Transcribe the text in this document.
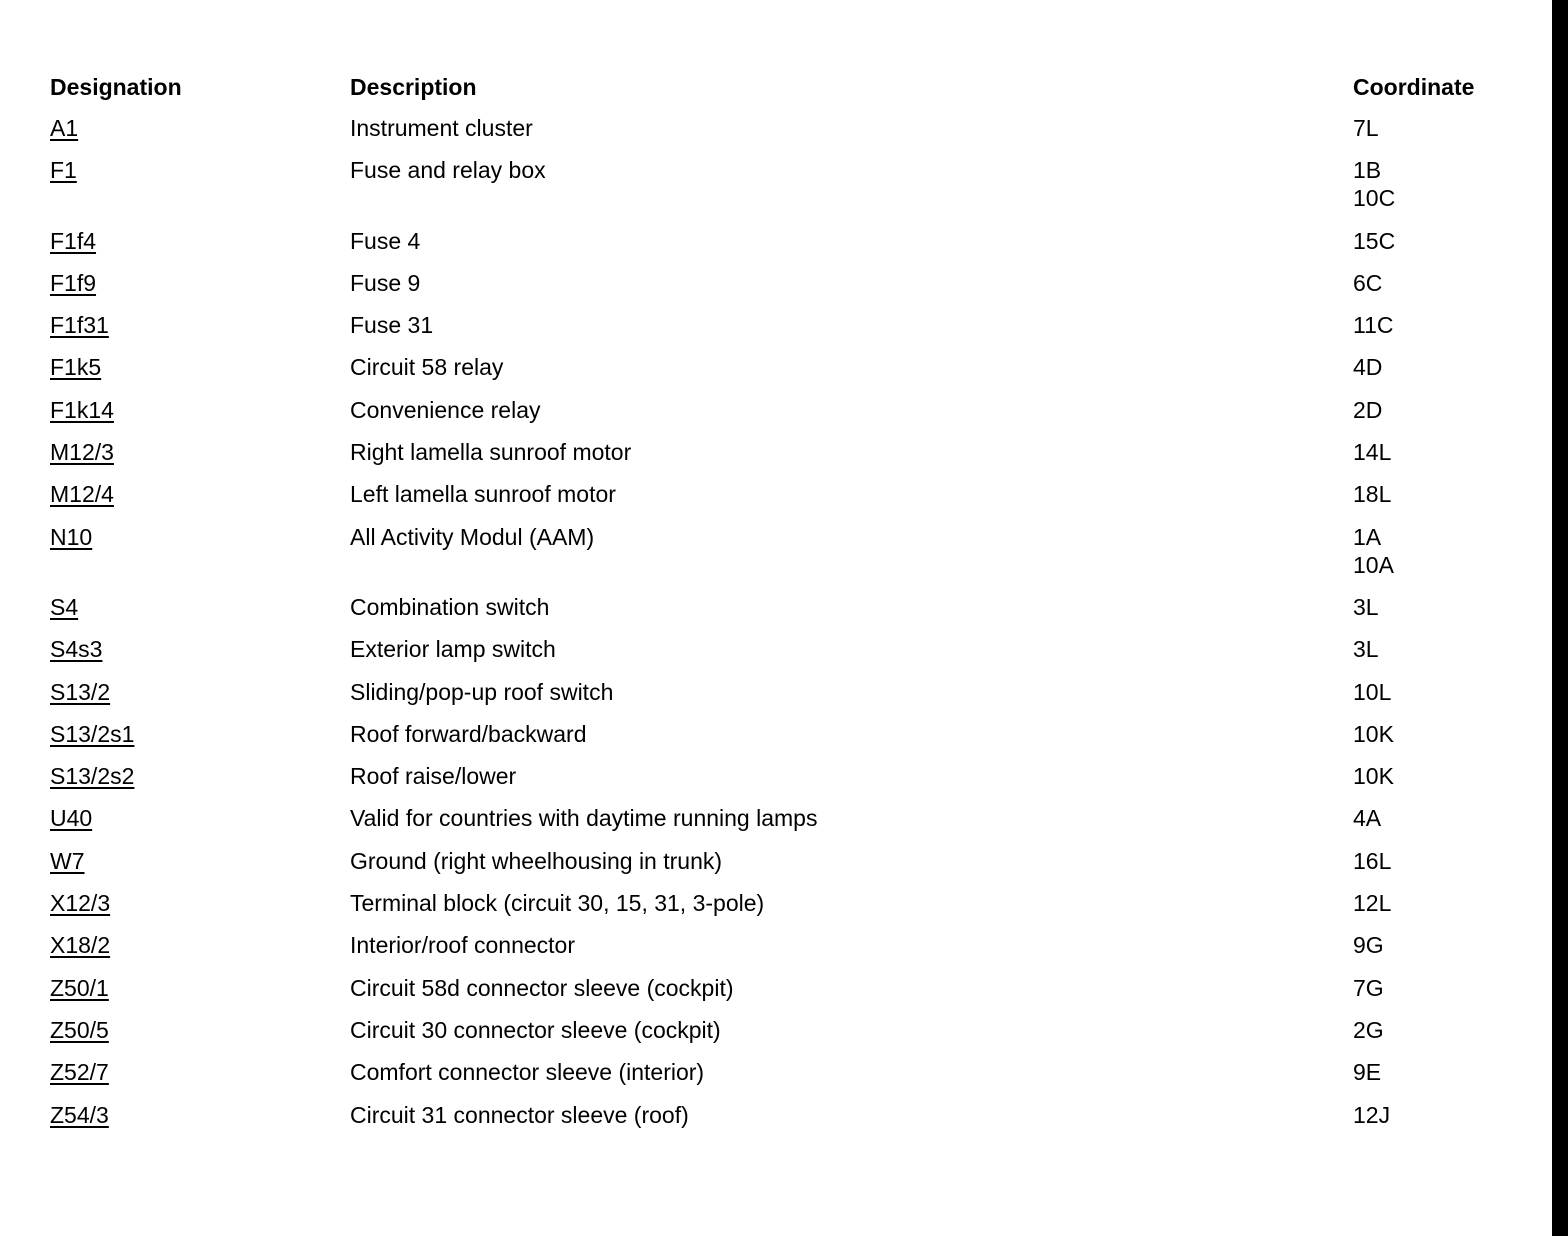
Designation	Description	Coordinate
A1	Instrument cluster	7L
F1	Fuse and relay box	1B
10C
F1f4	Fuse 4	15C
F1f9	Fuse 9	6C
F1f31	Fuse 31	11C
F1k5	Circuit 58 relay	4D
F1k14	Convenience relay	2D
M12/3	Right lamella sunroof motor	14L
M12/4	Left lamella sunroof motor	18L
N10	All Activity Modul (AAM)	1A
10A
S4	Combination switch	3L
S4s3	Exterior lamp switch	3L
S13/2	Sliding/pop-up roof switch	10L
S13/2s1	Roof forward/backward	10K
S13/2s2	Roof raise/lower	10K
U40	Valid for countries with daytime running lamps	4A
W7	Ground (right wheelhousing in trunk)	16L
X12/3	Terminal block (circuit 30, 15, 31, 3-pole)	12L
X18/2	Interior/roof connector	9G
Z50/1	Circuit 58d connector sleeve (cockpit)	7G
Z50/5	Circuit 30 connector sleeve (cockpit)	2G
Z52/7	Comfort connector sleeve (interior)	9E
Z54/3	Circuit 31 connector sleeve (roof)	12J
